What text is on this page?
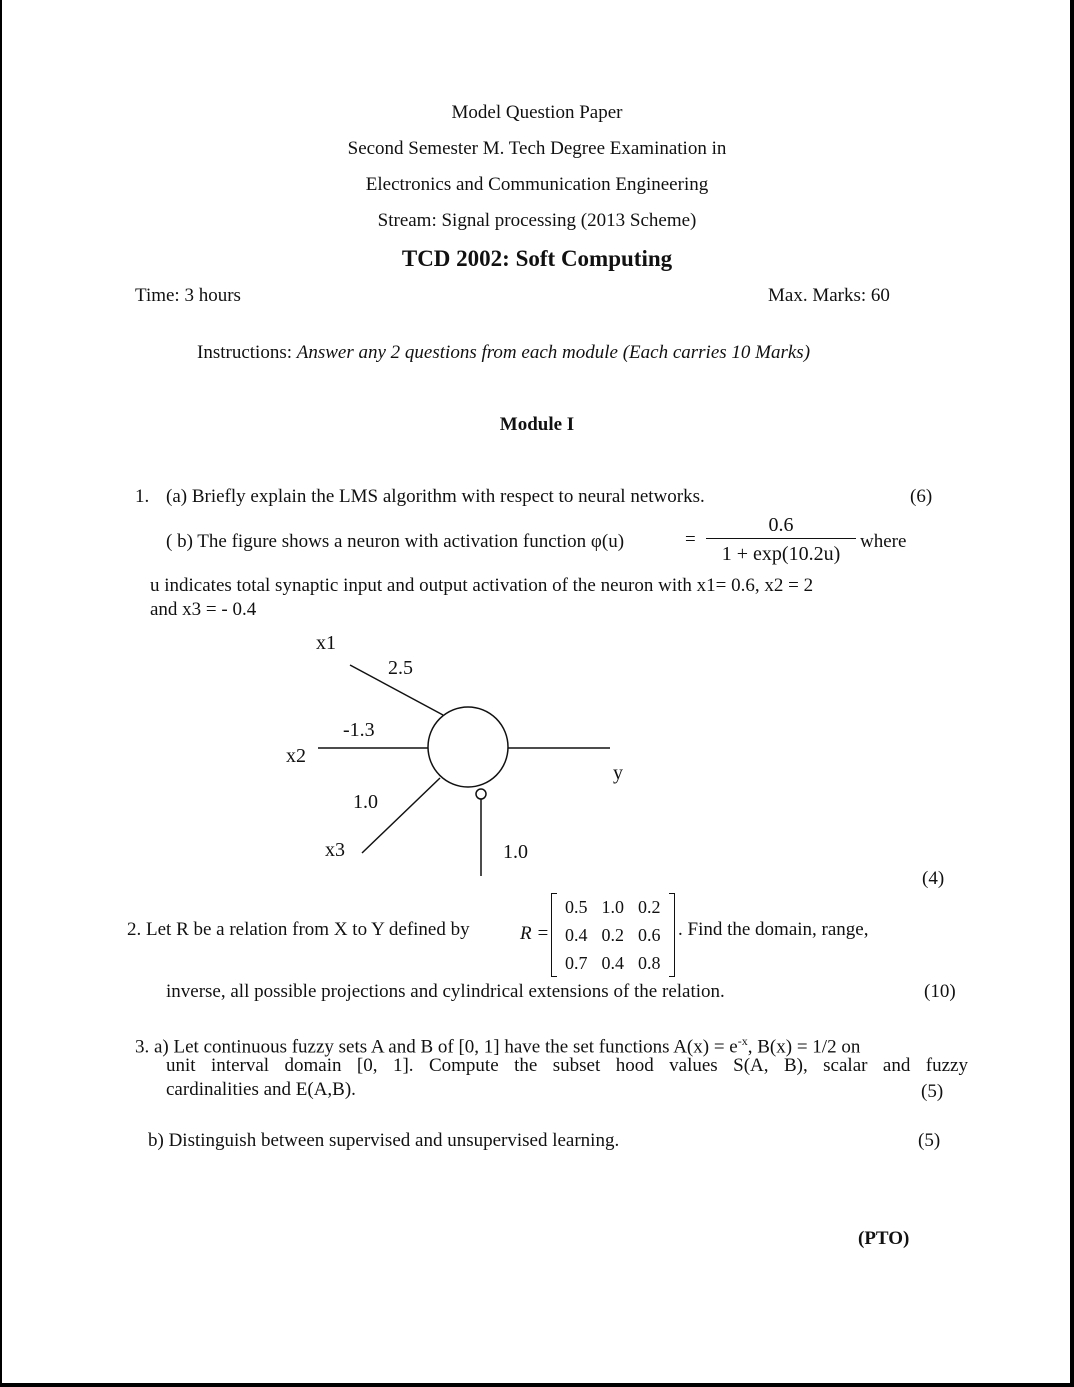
Model Question Paper
Second Semester M. Tech Degree Examination in
Electronics and Communication Engineering
Stream: Signal processing (2013 Scheme)
TCD 2002: Soft Computing
Time: 3 hours	Max. Marks: 60
Instructions: Answer any 2 questions from each module (Each carries 10 Marks)
Module I
1. (a) Briefly explain the LMS algorithm with respect to neural networks.	(6)
( b) The figure shows a neuron with activation function φ(u)	= $\frac{0.6}{1 + \exp(10.2u)}$ where
u indicates total synaptic input and output activation of the neuron with x1= 0.6, x2 = 2
and x3 = - 0.4
x1
2.5
-1.3
x2
y
1.0
x3	1.0
(4)
2. Let R be a relation from X to Y defined by	R =
0.5	1.0	0.2
0.4	0.2	0.6
0.7	0.4	0.8
. Find the domain, range,
inverse, all possible projections and cylindrical extensions of the relation.	(10)
3. a) Let continuous fuzzy sets A and B of [0, 1] have the set functions $A(x) = e^{-x}$, B(x) = 1/2 on
unit interval domain [0, 1]. Compute the subset hood values S(A, B), scalar and fuzzy
cardinalities and E(A,B).	(5)
b) Distinguish between supervised and unsupervised learning.	(5)
(PTO)
